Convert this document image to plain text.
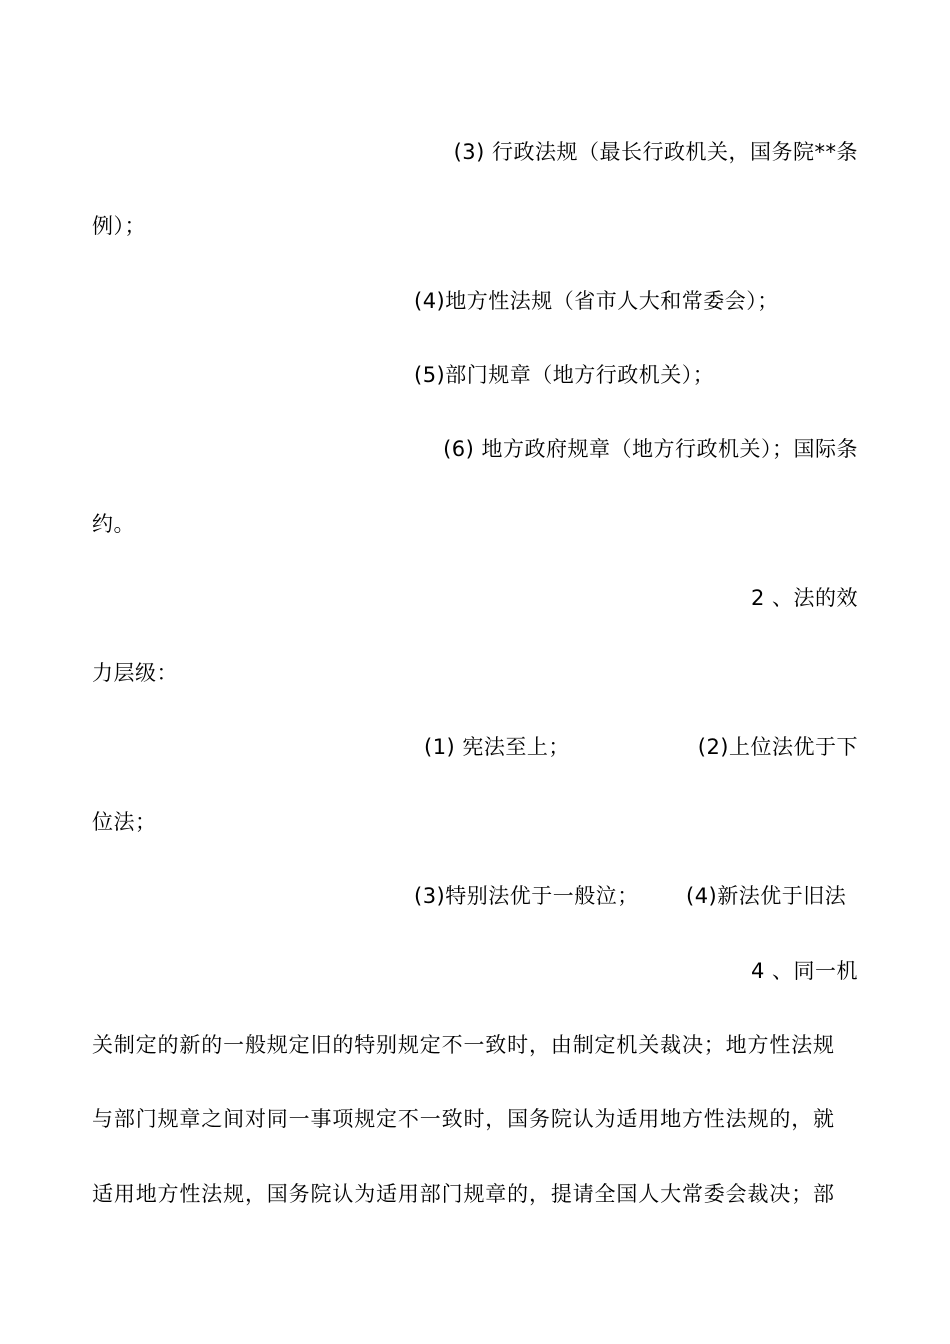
(3) 行政法规（最长行政机关，国务院**条
例）；
(4)地方性法规（省市人大和常委会）；
(5)部门规章（地方行政机关）；
(6) 地方政府规章（地方行政机关）；国际条
约。
2 、法的效
力层级：
(1) 宪法至上；	(2)上位法优于下
位法；
(3)特别法优于一般泣； (4)新法优于旧法
4 、同一机
关制定的新的一般规定旧的特别规定不一致时，由制定机关裁决；地方性法规
与部门规章之间对同一事项规定不一致时，国务院认为适用地方性法规的，就
适用地方性法规，国务院认为适用部门规章的，提请全国人大常委会裁决；部
